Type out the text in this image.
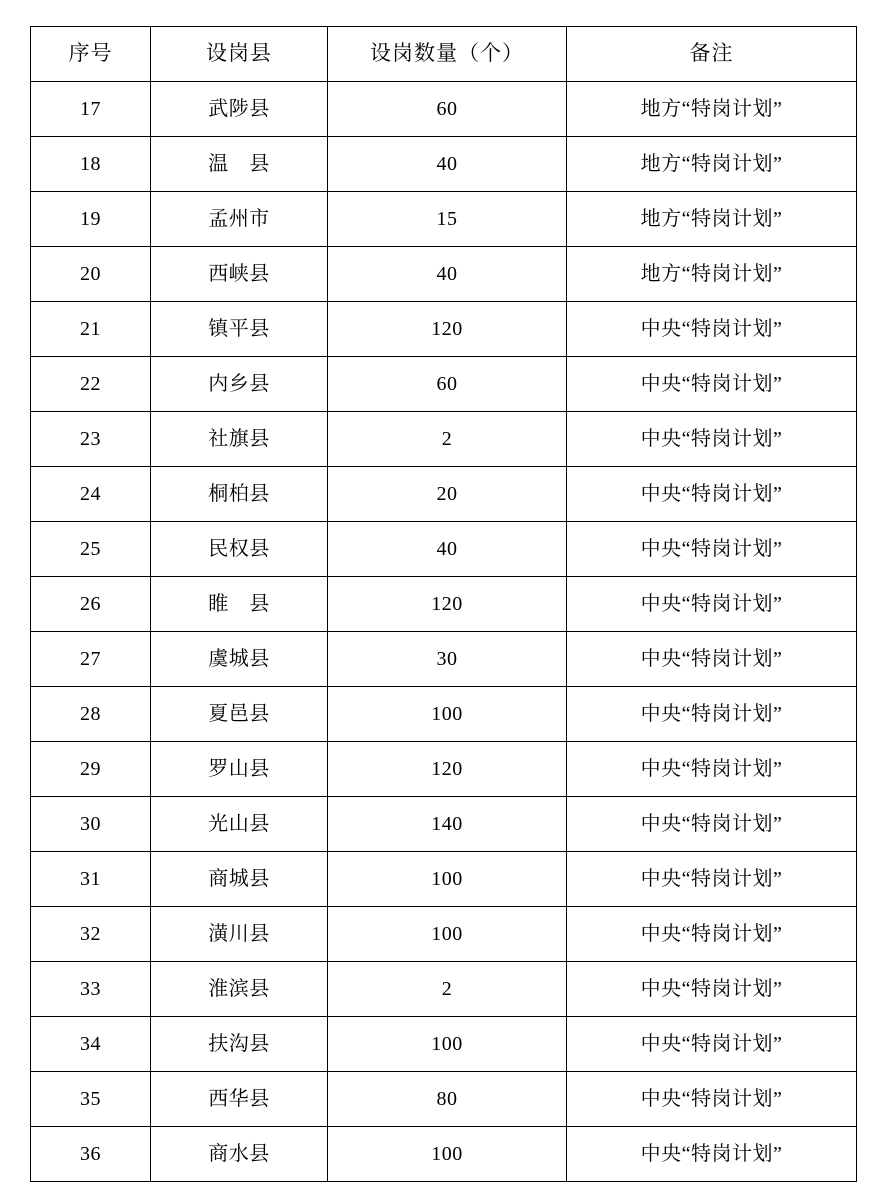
序号	设岗县	设岗数量（个）	备注
17	武陟县	60	地方“特岗计划”
18	温　县	40	地方“特岗计划”
19	孟州市	15	地方“特岗计划”
20	西峡县	40	地方“特岗计划”
21	镇平县	120	中央“特岗计划”
22	内乡县	60	中央“特岗计划”
23	社旗县	2	中央“特岗计划”
24	桐柏县	20	中央“特岗计划”
25	民权县	40	中央“特岗计划”
26	睢　县	120	中央“特岗计划”
27	虞城县	30	中央“特岗计划”
28	夏邑县	100	中央“特岗计划”
29	罗山县	120	中央“特岗计划”
30	光山县	140	中央“特岗计划”
31	商城县	100	中央“特岗计划”
32	潢川县	100	中央“特岗计划”
33	淮滨县	2	中央“特岗计划”
34	扶沟县	100	中央“特岗计划”
35	西华县	80	中央“特岗计划”
36	商水县	100	中央“特岗计划”
